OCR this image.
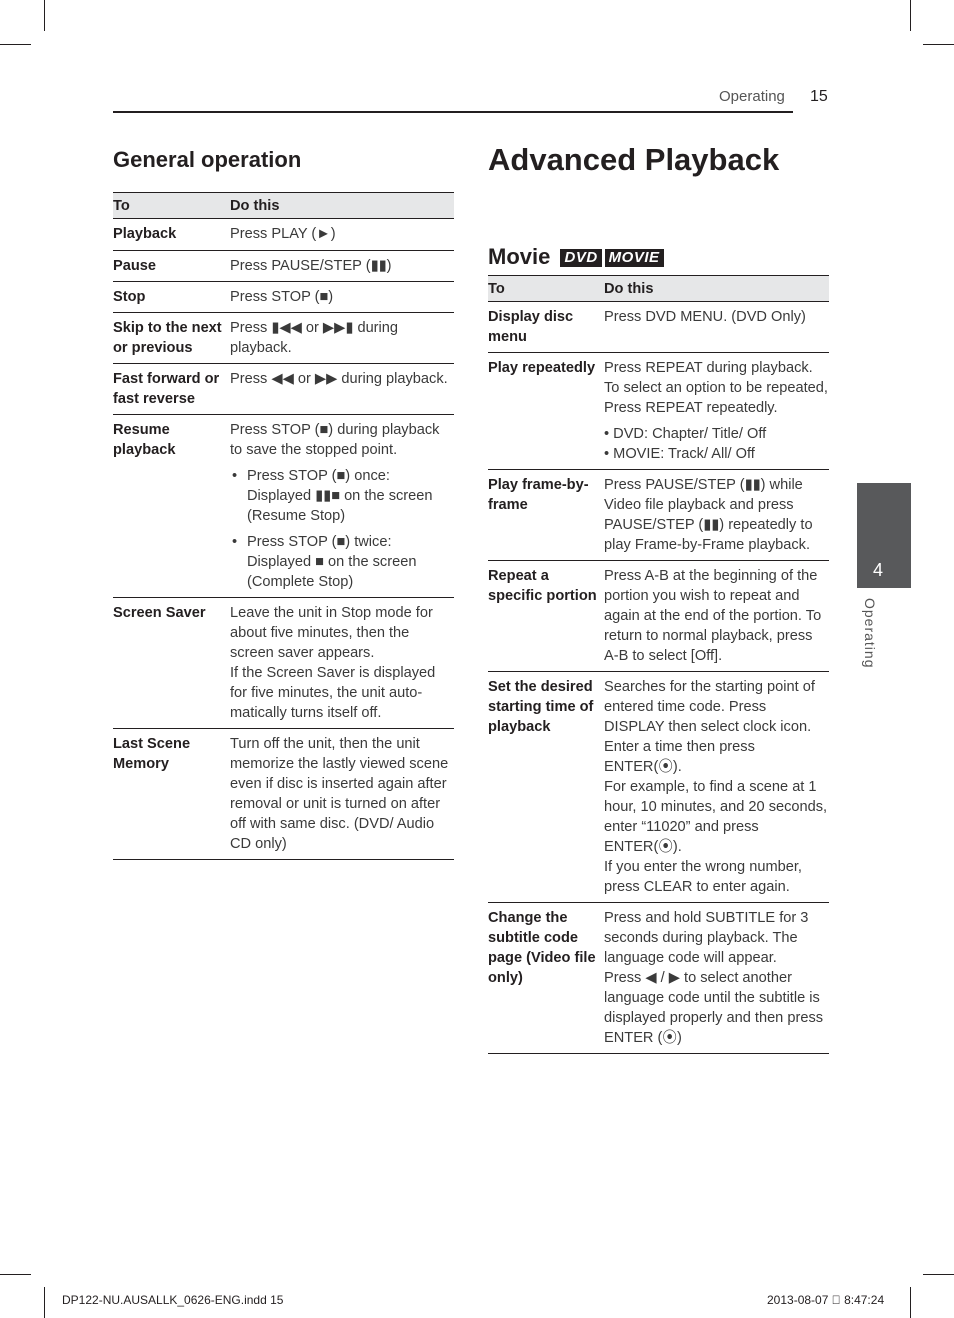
Operating 15
General operation
To	Do this
Playback	Press PLAY (►)
Pause	Press PAUSE/STEP (▮▮)
Stop	Press STOP (■)
Skip to the next or previous	Press ▮◀◀ or ▶▶▮ during playback.
Fast forward or fast reverse	Press ◀◀ or ▶▶ during playback.
Resume playback	Press STOP (■) during playback to save the stopped point.
• Press STOP (■) once: Displayed ▮▮■ on the screen (Resume Stop)
• Press STOP (■) twice: Displayed ■ on the screen (Complete Stop)

Screen Saver	Leave the unit in Stop mode for about five minutes, then the screen saver appears.
If the Screen Saver is displayed for five minutes, the unit auto-matically turns itself off.

Last Scene Memory	Turn off the unit, then the unit memorize the lastly viewed scene even if disc is inserted again after removal or unit is turned on after off with same disc. (DVD/ Audio CD only)
Advanced Playback
Movie DVD MOVIE
To	Do this
Display disc menu	Press DVD MENU. (DVD Only)
Play repeatedly	Press REPEAT during playback. To select an option to be repeated, Press REPEAT repeatedly.
• DVD: Chapter/ Title/ Off
• MOVIE: Track/ All/ Off

Play frame-by-frame	Press PAUSE/STEP (▮▮) while Video file playback and press PAUSE/STEP (▮▮) repeatedly to play Frame-by-Frame playback.
Repeat a specific portion	Press A-B at the beginning of the portion you wish to repeat and again at the end of the portion. To return to normal playback, press A-B to select [Off].
Set the desired starting time of playback	Searches for the starting point of entered time code. Press DISPLAY then select clock icon. Enter a time then press ENTER(⦿).
For example, to find a scene at 1 hour, 10 minutes, and 20 seconds, enter “11020” and press ENTER(⦿).
If you enter the wrong number, press CLEAR to enter again.

Change the subtitle code page (Video file only)	Press and hold SUBTITLE for 3 seconds during playback. The language code will appear.
Press ◀ / ▶ to select another language code until the subtitle is displayed properly and then press ENTER (⦿)
4
Operating
DP122-NU.AUSALLK_0626-ENG.indd 15	2013-08-07 􀀀 8:47:24
